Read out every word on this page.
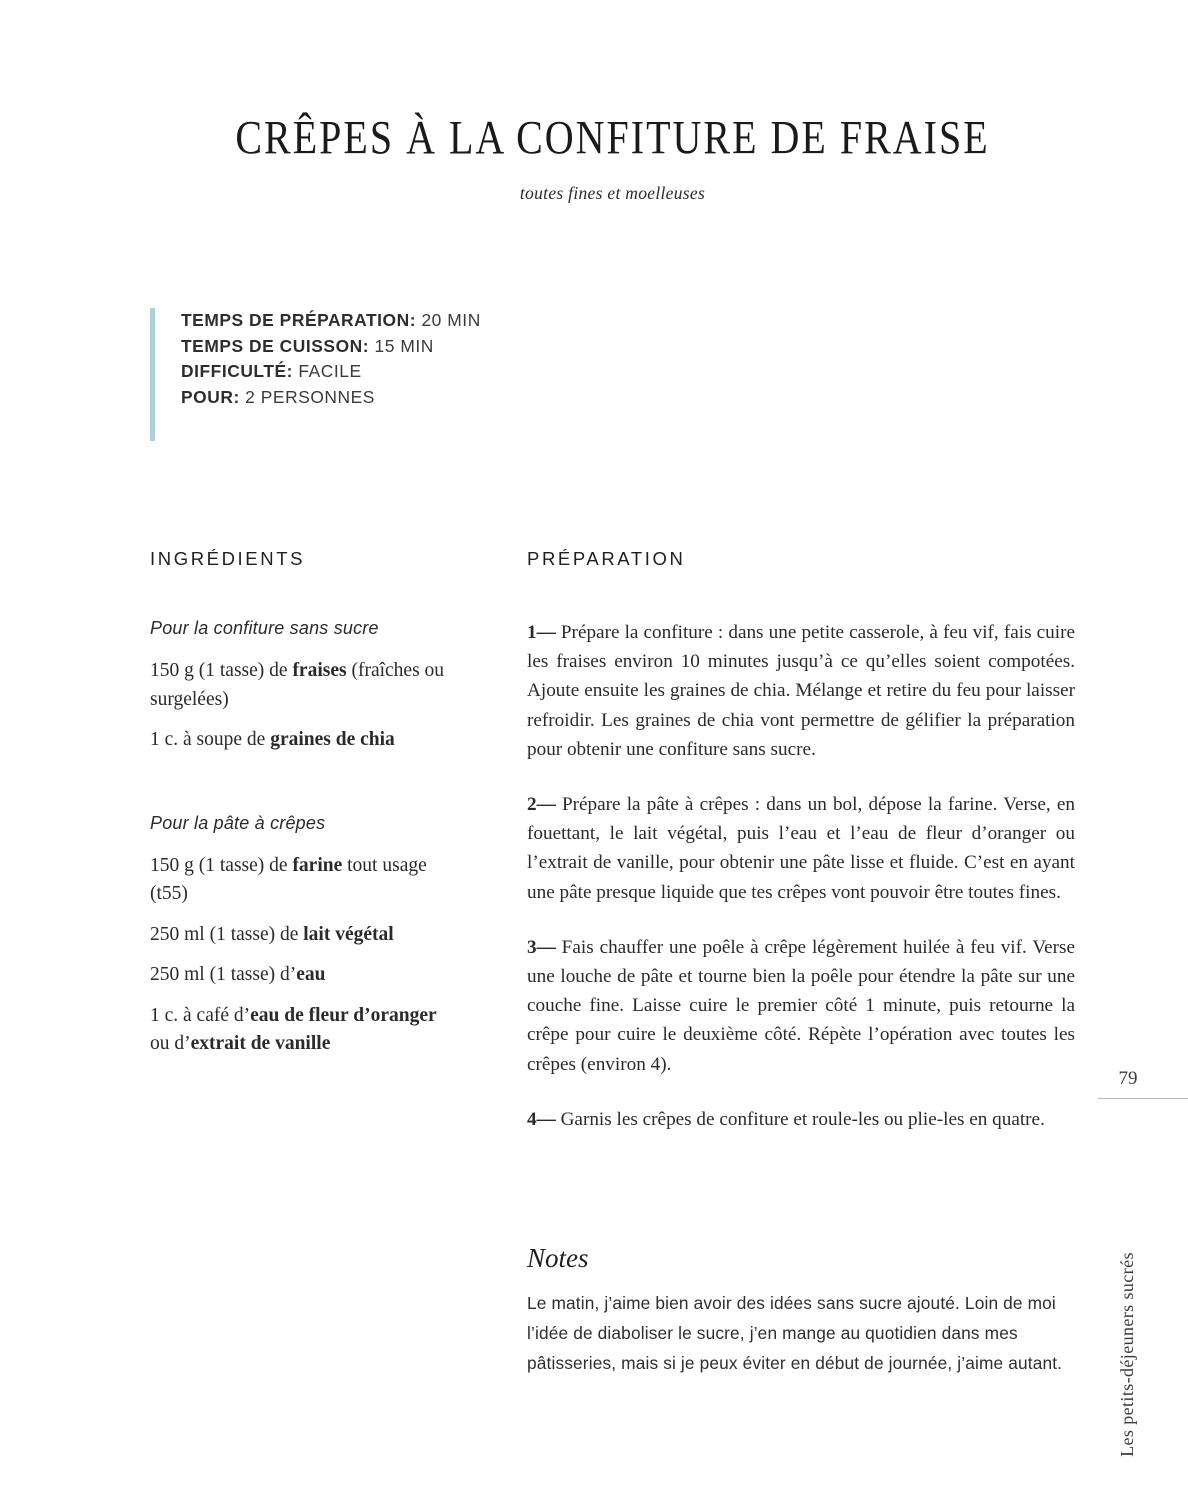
CRÊPES À LA CONFITURE DE FRAISE

toutes fines et moelleuses

TEMPS DE PRÉPARATION: 20 MIN
TEMPS DE CUISSON: 15 MIN
DIFFICULTÉ: FACILE
POUR: 2 PERSONNES
INGRÉDIENTS
Pour la confiture sans sucre

150 g (1 tasse) de fraises (fraîches ou surgelées)

1 c. à soupe de graines de chia

Pour la pâte à crêpes

150 g (1 tasse) de farine tout usage (t55)

250 ml (1 tasse) de lait végétal

250 ml (1 tasse) d’eau

1 c. à café d’eau de fleur d’oranger ou d’extrait de vanille

PRÉPARATION

1— Prépare la confiture : dans une petite casserole, à feu vif, fais cuire les fraises environ 10 minutes jusqu’à ce qu’elles soient compotées. Ajoute ensuite les graines de chia. Mélange et retire du feu pour laisser refroidir. Les graines de chia vont permettre de gélifier la préparation pour obtenir une confiture sans sucre.

2— Prépare la pâte à crêpes : dans un bol, dépose la farine. Verse, en fouettant, le lait végétal, puis l’eau et l’eau de fleur d’oranger ou l’extrait de vanille, pour obtenir une pâte lisse et fluide. C’est en ayant une pâte presque liquide que tes crêpes vont pouvoir être toutes fines.

3— Fais chauffer une poêle à crêpe légèrement huilée à feu vif. Verse une louche de pâte et tourne bien la poêle pour étendre la pâte sur une couche fine. Laisse cuire le premier côté 1 minute, puis retourne la crêpe pour cuire le deuxième côté. Répète l’opération avec toutes les crêpes (environ 4).

4— Garnis les crêpes de confiture et roule-les ou plie-les en quatre.

Notes

Le matin, j’aime bien avoir des idées sans sucre ajouté. Loin de moi l’idée de diaboliser le sucre, j’en mange au quotidien dans mes pâtisseries, mais si je peux éviter en début de journée, j’aime autant.

79
Les petits-déjeuners sucrés
